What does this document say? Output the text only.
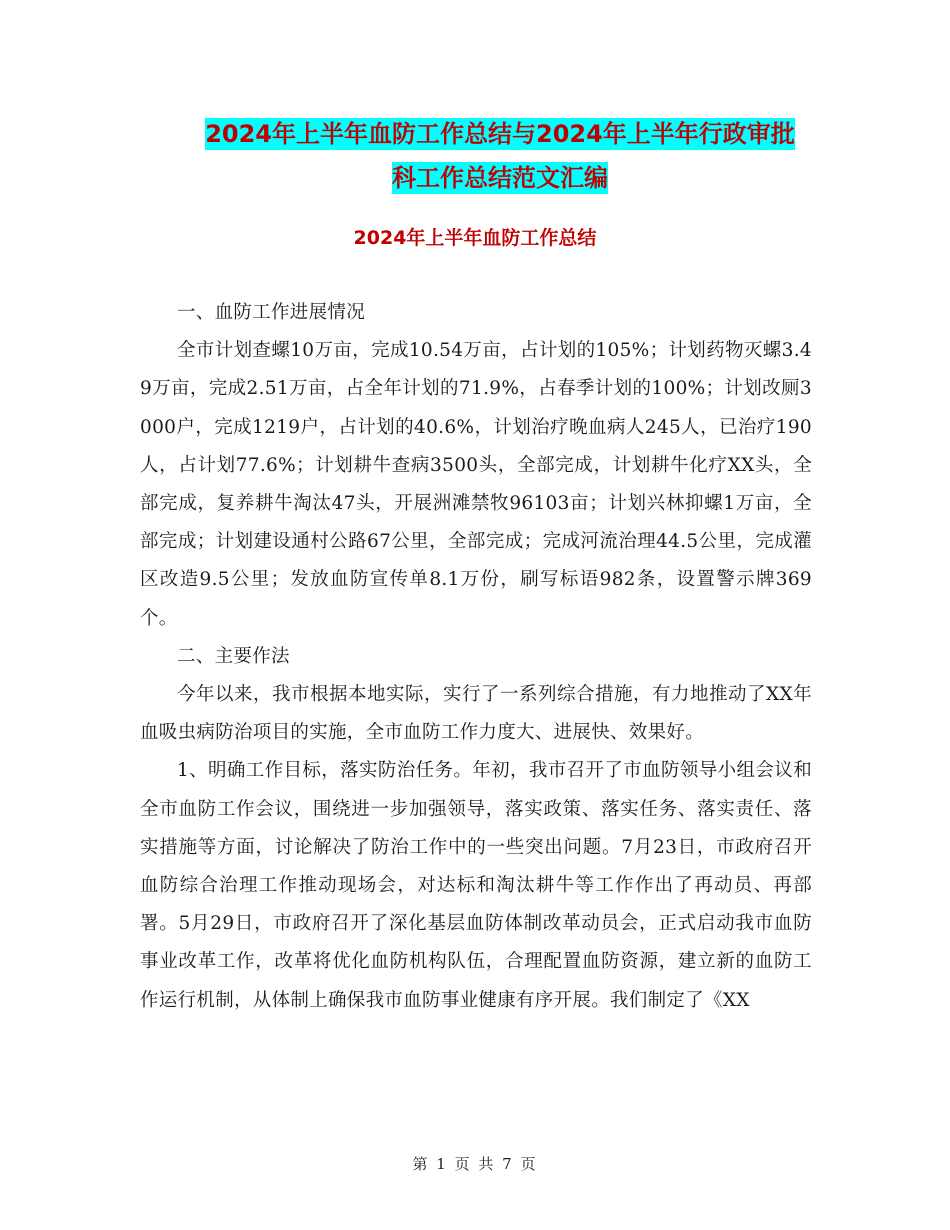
2024年上半年血防工作总结与2024年上半年行政审批
科工作总结范文汇编
2024年上半年血防工作总结

一、血防工作进展情况

全市计划查螺10万亩，完成10.54万亩，占计划的105%；计划药物灭螺3.49万亩，完成2.51万亩，占全年计划的71.9%，占春季计划的100%；计划改厕3000户，完成1219户，占计划的40.6%，计划治疗晚血病人245人，已治疗190人，占计划77.6%；计划耕牛查病3500头，全部完成，计划耕牛化疗XX头，全部完成，复养耕牛淘汰47头，开展洲滩禁牧96103亩；计划兴林抑螺1万亩，全部完成；计划建设通村公路67公里，全部完成；完成河流治理44.5公里，完成灌区改造9.5公里；发放血防宣传单8.1万份，刷写标语982条，设置警示牌369个。

二、主要作法

今年以来，我市根据本地实际，实行了一系列综合措施，有力地推动了XX年血吸虫病防治项目的实施，全市血防工作力度大、进展快、效果好。

1、明确工作目标，落实防治任务。年初，我市召开了市血防领导小组会议和全市血防工作会议，围绕进一步加强领导，落实政策、落实任务、落实责任、落实措施等方面，讨论解决了防治工作中的一些突出问题。7月23日，市政府召开血防综合治理工作推动现场会，对达标和淘汰耕牛等工作作出了再动员、再部署。5月29日，市政府召开了深化基层血防体制改革动员会，正式启动我市血防事业改革工作，改革将优化血防机构队伍，合理配置血防资源，建立新的血防工作运行机制，从体制上确保我市血防事业健康有序开展。我们制定了《XX

第 1 页 共 7 页
